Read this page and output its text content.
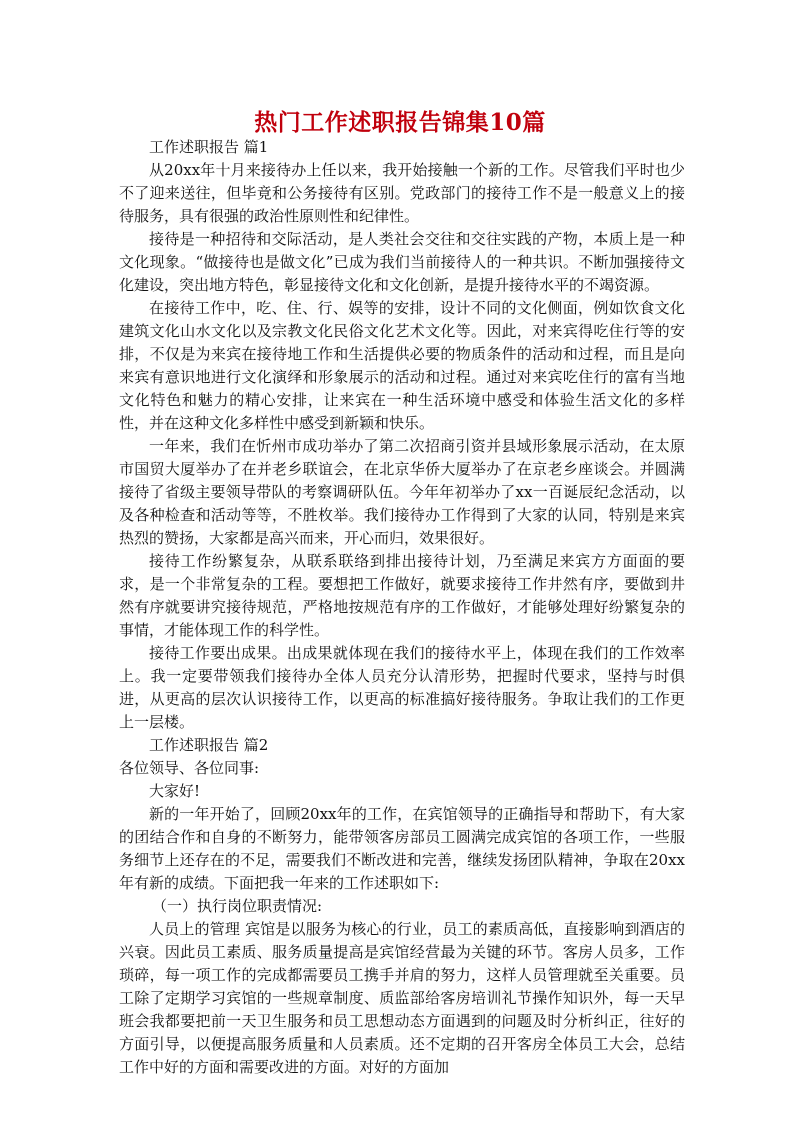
热门工作述职报告锦集10篇

工作述职报告 篇1

从20xx年十月来接待办上任以来，我开始接触一个新的工作。尽管我们平时也少不了迎来送往，但毕竟和公务接待有区别。党政部门的接待工作不是一般意义上的接待服务，具有很强的政治性原则性和纪律性。

接待是一种招待和交际活动，是人类社会交往和交往实践的产物，本质上是一种文化现象。“做接待也是做文化”已成为我们当前接待人的一种共识。不断加强接待文化建设，突出地方特色，彰显接待文化和文化创新，是提升接待水平的不竭资源。

在接待工作中，吃、住、行、娱等的安排，设计不同的文化侧面，例如饮食文化 建筑文化山水文化以及宗教文化民俗文化艺术文化等。因此，对来宾得吃住行等的安排，不仅是为来宾在接待地工作和生活提供必要的物质条件的活动和过程，而且是向来宾有意识地进行文化演绎和形象展示的活动和过程。通过对来宾吃住行的富有当地文化特色和魅力的精心安排，让来宾在一种生活环境中感受和体验生活文化的多样性，并在这种文化多样性中感受到新颖和快乐。

一年来，我们在忻州市成功举办了第二次招商引资并县域形象展示活动，在太原市国贸大厦举办了在并老乡联谊会，在北京华侨大厦举办了在京老乡座谈会。并圆满接待了省级主要领导带队的考察调研队伍。今年年初举办了xx一百诞辰纪念活动，以及各种检查和活动等等，不胜枚举。我们接待办工作得到了大家的认同，特别是来宾热烈的赞扬，大家都是高兴而来，开心而归，效果很好。

接待工作纷繁复杂，从联系联络到排出接待计划，乃至满足来宾方方面面的要求，是一个非常复杂的工程。要想把工作做好，就要求接待工作井然有序，要做到井然有序就要讲究接待规范，严格地按规范有序的工作做好，才能够处理好纷繁复杂的事情，才能体现工作的科学性。

接待工作要出成果。出成果就体现在我们的接待水平上，体现在我们的工作效率上。我一定要带领我们接待办全体人员充分认清形势，把握时代要求，坚持与时俱进，从更高的层次认识接待工作，以更高的标准搞好接待服务。争取让我们的工作更上一层楼。

工作述职报告 篇2

各位领导、各位同事:

大家好!

新的一年开始了，回顾20xx年的工作，在宾馆领导的正确指导和帮助下，有大家的团结合作和自身的不断努力，能带领客房部员工圆满完成宾馆的各项工作，一些服务细节上还存在的不足，需要我们不断改进和完善，继续发扬团队精神，争取在20xx年有新的成绩。下面把我一年来的工作述职如下:

（一）执行岗位职责情况:

人员上的管理 宾馆是以服务为核心的行业，员工的素质高低，直接影响到酒店的兴衰。因此员工素质、服务质量提高是宾馆经营最为关键的环节。客房人员多，工作琐碎，每一项工作的完成都需要员工携手并肩的努力，这样人员管理就至关重要。员工除了定期学习宾馆的一些规章制度、质监部给客房培训礼节操作知识外，每一天早班会我都要把前一天卫生服务和员工思想动态方面遇到的问题及时分析纠正，往好的方面引导，以便提高服务质量和人员素质。还不定期的召开客房全体员工大会，总结工作中好的方面和需要改进的方面。对好的方面加
